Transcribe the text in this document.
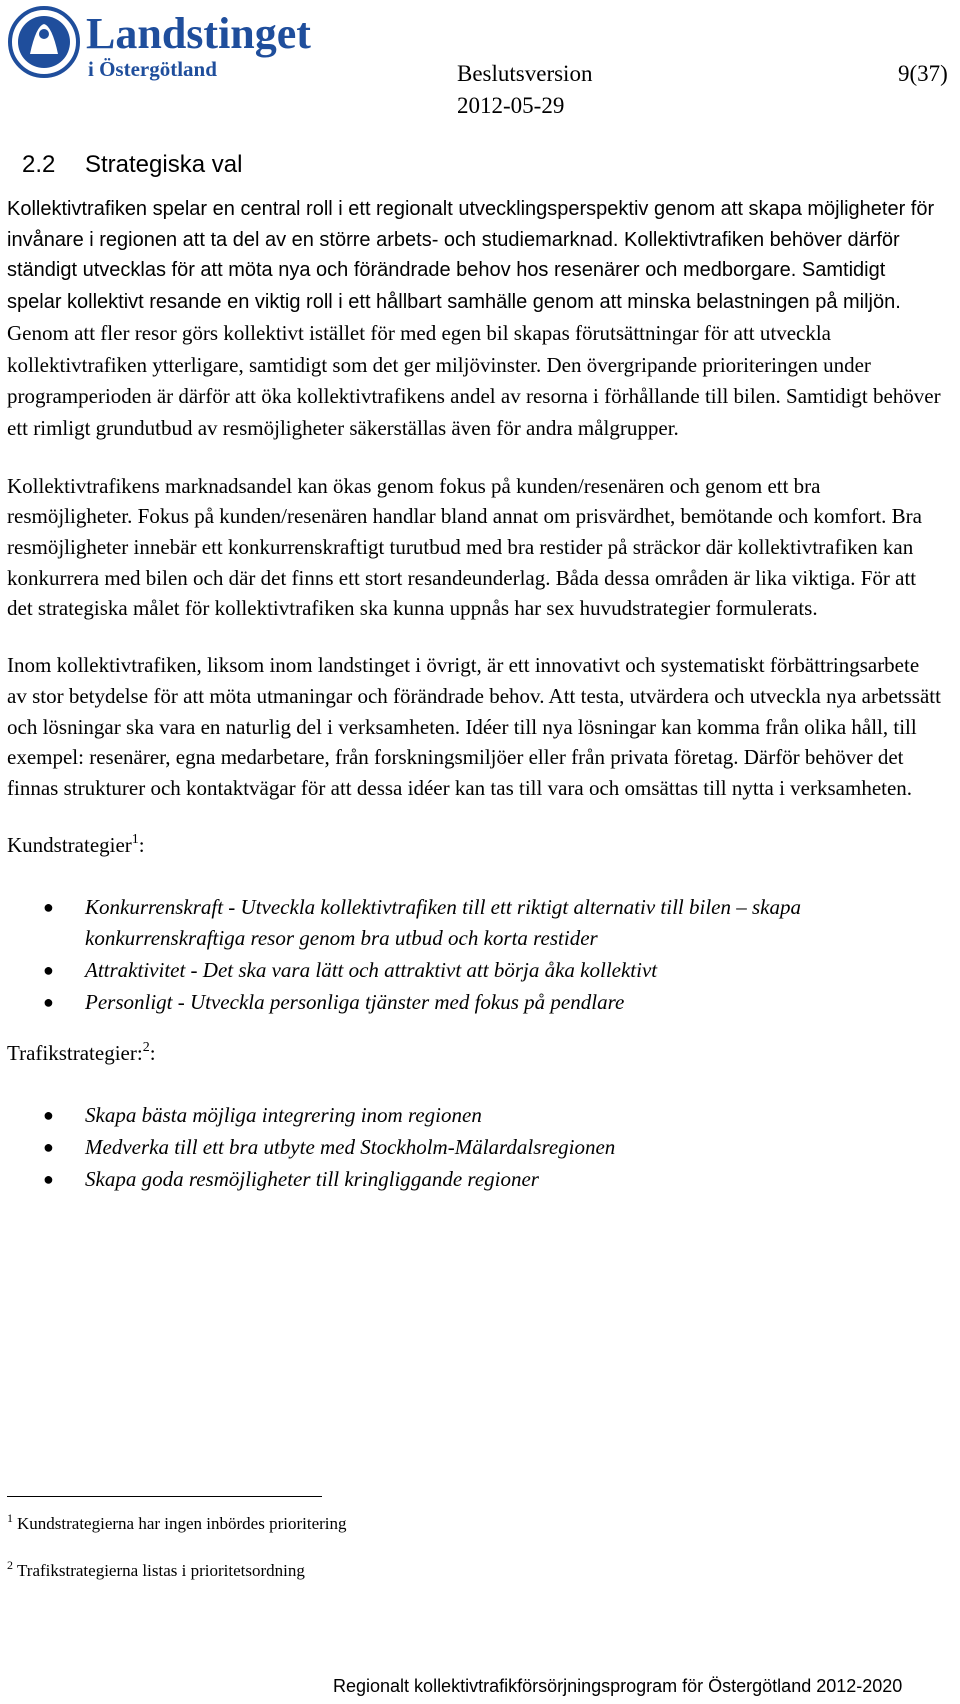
Landstinget
i Östergötland	Beslutsversion
2012-05-29
9(37)
2.2 Strategiska val

Kollektivtrafiken spelar en central roll i ett regionalt utvecklingsperspektiv genom att skapa möjligheter för invånare i regionen att ta del av en större arbets- och studiemarknad. Kollektivtrafiken behöver därför ständigt utvecklas för att möta nya och förändrade behov hos resenärer och medborgare. Samtidigt spelar kollektivt resande en viktig roll i ett hållbart samhälle genom att minska belastningen på miljön. Genom att fler resor görs kollektivt istället för med egen bil skapas förutsättningar för att utveckla kollektivtrafiken ytterligare, samtidigt som det ger miljövinster. Den övergripande prioriteringen under programperioden är därför att öka kollektivtrafikens andel av resorna i förhållande till bilen. Samtidigt behöver ett rimligt grundutbud av resmöjligheter säkerställas även för andra målgrupper.

Kollektivtrafikens marknadsandel kan ökas genom fokus på kunden/resenären och genom ett bra resmöjligheter. Fokus på kunden/resenären handlar bland annat om prisvärdhet, bemötande och komfort. Bra resmöjligheter innebär ett konkurrenskraftigt turutbud med bra restider på sträckor där kollektivtrafiken kan konkurrera med bilen och där det finns ett stort resandeunderlag. Båda dessa områden är lika viktiga. För att det strategiska målet för kollektivtrafiken ska kunna uppnås har sex huvudstrategier formulerats.

Inom kollektivtrafiken, liksom inom landstinget i övrigt, är ett innovativt och systematiskt förbättringsarbete av stor betydelse för att möta utmaningar och förändrade behov. Att testa, utvärdera och utveckla nya arbetssätt och lösningar ska vara en naturlig del i verksamheten. Idéer till nya lösningar kan komma från olika håll, till exempel: resenärer, egna medarbetare, från forskningsmiljöer eller från privata företag. Därför behöver det finnas strukturer och kontaktvägar för att dessa idéer kan tas till vara och omsättas till nytta i verksamheten.

Kundstrategier$^1$:

● Konkurrenskraft - Utveckla kollektivtrafiken till ett riktigt alternativ till bilen – skapa konkurrenskraftiga resor genom bra utbud och korta restider
● Attraktivitet - Det ska vara lätt och attraktivt att börja åka kollektivt
● Personligt - Utveckla personliga tjänster med fokus på pendlare

Trafikstrategier:$^2$:

● Skapa bästa möjliga integrering inom regionen
● Medverka till ett bra utbyte med Stockholm-Mälardalsregionen
● Skapa goda resmöjligheter till kringliggande regioner
$^1$ Kundstrategierna har ingen inbördes prioritering
$^2$ Trafikstrategierna listas i prioritetsordning
Regionalt kollektivtrafikförsörjningsprogram för Östergötland 2012-2020
